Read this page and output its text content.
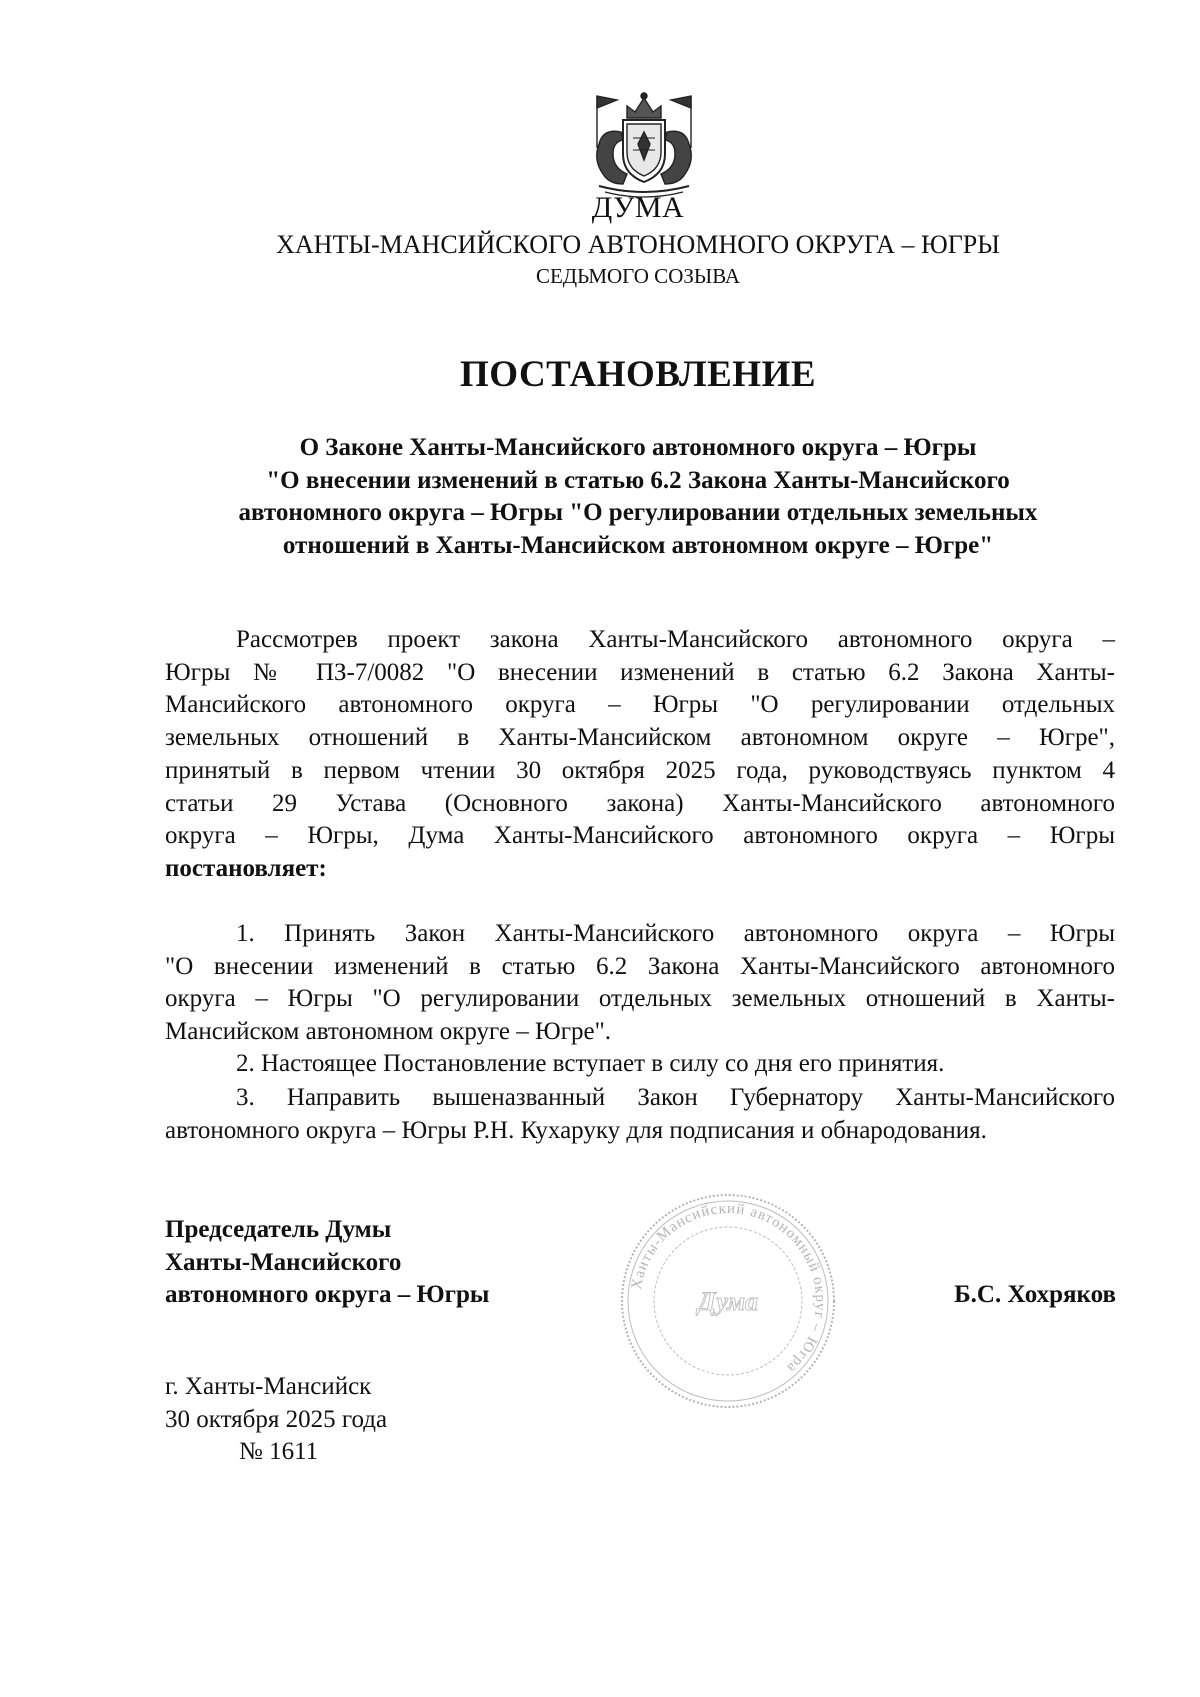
ДУМА
ХАНТЫ-МАНСИЙСКОГО АВТОНОМНОГО ОКРУГА – ЮГРЫ
СЕДЬМОГО СОЗЫВА
ПОСТАНОВЛЕНИЕ
О Законе Ханты-Мансийского автономного округа – Югры
"О внесении изменений в статью 6.2 Закона Ханты-Мансийского
автономного округа – Югры "О регулировании отдельных земельных
отношений в Ханты-Мансийском автономном округе – Югре"
Рассмотрев проект закона Ханты-Мансийского автономного округа –
Югры № ПЗ-7/0082 "О внесении изменений в статью 6.2 Закона Ханты-
Мансийского автономного округа – Югры "О регулировании отдельных
земельных отношений в Ханты-Мансийском автономном округе – Югре",
принятый в первом чтении 30 октября 2025 года, руководствуясь пунктом 4
статьи 29 Устава (Основного закона) Ханты-Мансийского автономного
округа – Югры, Дума Ханты-Мансийского автономного округа – Югры
постановляет:
1. Принять Закон Ханты-Мансийского автономного округа – Югры
"О внесении изменений в статью 6.2 Закона Ханты-Мансийского автономного
округа – Югры "О регулировании отдельных земельных отношений в Ханты-
Мансийском автономном округе – Югре".
2. Настоящее Постановление вступает в силу со дня его принятия.
3. Направить вышеназванный Закон Губернатору Ханты-Мансийского
автономного округа – Югры Р.Н. Кухаруку для подписания и обнародования.
Председатель Думы
Ханты-Мансийского
автономного округа – Югры	Ханты-Мансийский автономный округ – Югра
Дума	Б.С. Хохряков
г. Ханты-Мансийск
30 октября 2025 года
№ 1611
